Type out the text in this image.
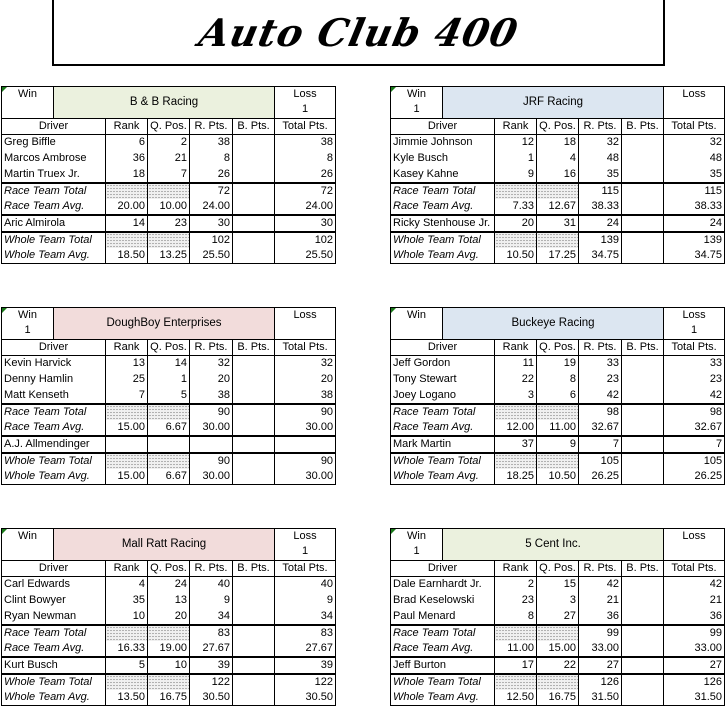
Auto Club 400
Win	B & B Racing					Loss
1

Driver		Rank	Q. Pos.	R. Pts.	B. Pts.	Total Pts.
Greg Biffle		6	2	38		38
Marcos Ambrose		36	21	8		8
Martin Truex Jr.		18	7	26		26
Race Team Total				72		72
Race Team Avg.		20.00	10.00	24.00		24.00
Aric Almirola		14	23	30		30
Whole Team Total				102		102
Whole Team Avg.		18.50	13.25	25.50		25.50
Win
1	JRF Racing					Loss

Driver		Rank	Q. Pos.	R. Pts.	B. Pts.	Total Pts.
Jimmie Johnson		12	18	32		32
Kyle Busch		1	4	48		48
Kasey Kahne		9	16	35		35
Race Team Total				115		115
Race Team Avg.		7.33	12.67	38.33		38.33
Ricky Stenhouse Jr.		20	31	24		24
Whole Team Total				139		139
Whole Team Avg.		10.50	17.25	34.75		34.75
Win
1	DoughBoy Enterprises					Loss

Driver		Rank	Q. Pos.	R. Pts.	B. Pts.	Total Pts.
Kevin Harvick		13	14	32		32
Denny Hamlin		25	1	20		20
Matt Kenseth		7	5	38		38
Race Team Total				90		90
Race Team Avg.		15.00	6.67	30.00		30.00
A.J. Allmendinger						
Whole Team Total				90		90
Whole Team Avg.		15.00	6.67	30.00		30.00
Win	Buckeye Racing					Loss
1

Driver		Rank	Q. Pos.	R. Pts.	B. Pts.	Total Pts.
Jeff Gordon		11	19	33		33
Tony Stewart		22	8	23		23
Joey Logano		3	6	42		42
Race Team Total				98		98
Race Team Avg.		12.00	11.00	32.67		32.67
Mark Martin		37	9	7		7
Whole Team Total				105		105
Whole Team Avg.		18.25	10.50	26.25		26.25
Win	Mall Ratt Racing					Loss
1

Driver		Rank	Q. Pos.	R. Pts.	B. Pts.	Total Pts.
Carl Edwards		4	24	40		40
Clint Bowyer		35	13	9		9
Ryan Newman		10	20	34		34
Race Team Total				83		83
Race Team Avg.		16.33	19.00	27.67		27.67
Kurt Busch		5	10	39		39
Whole Team Total				122		122
Whole Team Avg.		13.50	16.75	30.50		30.50
Win
1	5 Cent Inc.					Loss

Driver		Rank	Q. Pos.	R. Pts.	B. Pts.	Total Pts.
Dale Earnhardt Jr.		2	15	42		42
Brad Keselowski		23	3	21		21
Paul Menard		8	27	36		36
Race Team Total				99		99
Race Team Avg.		11.00	15.00	33.00		33.00
Jeff Burton		17	22	27		27
Whole Team Total				126		126
Whole Team Avg.		12.50	16.75	31.50		31.50
